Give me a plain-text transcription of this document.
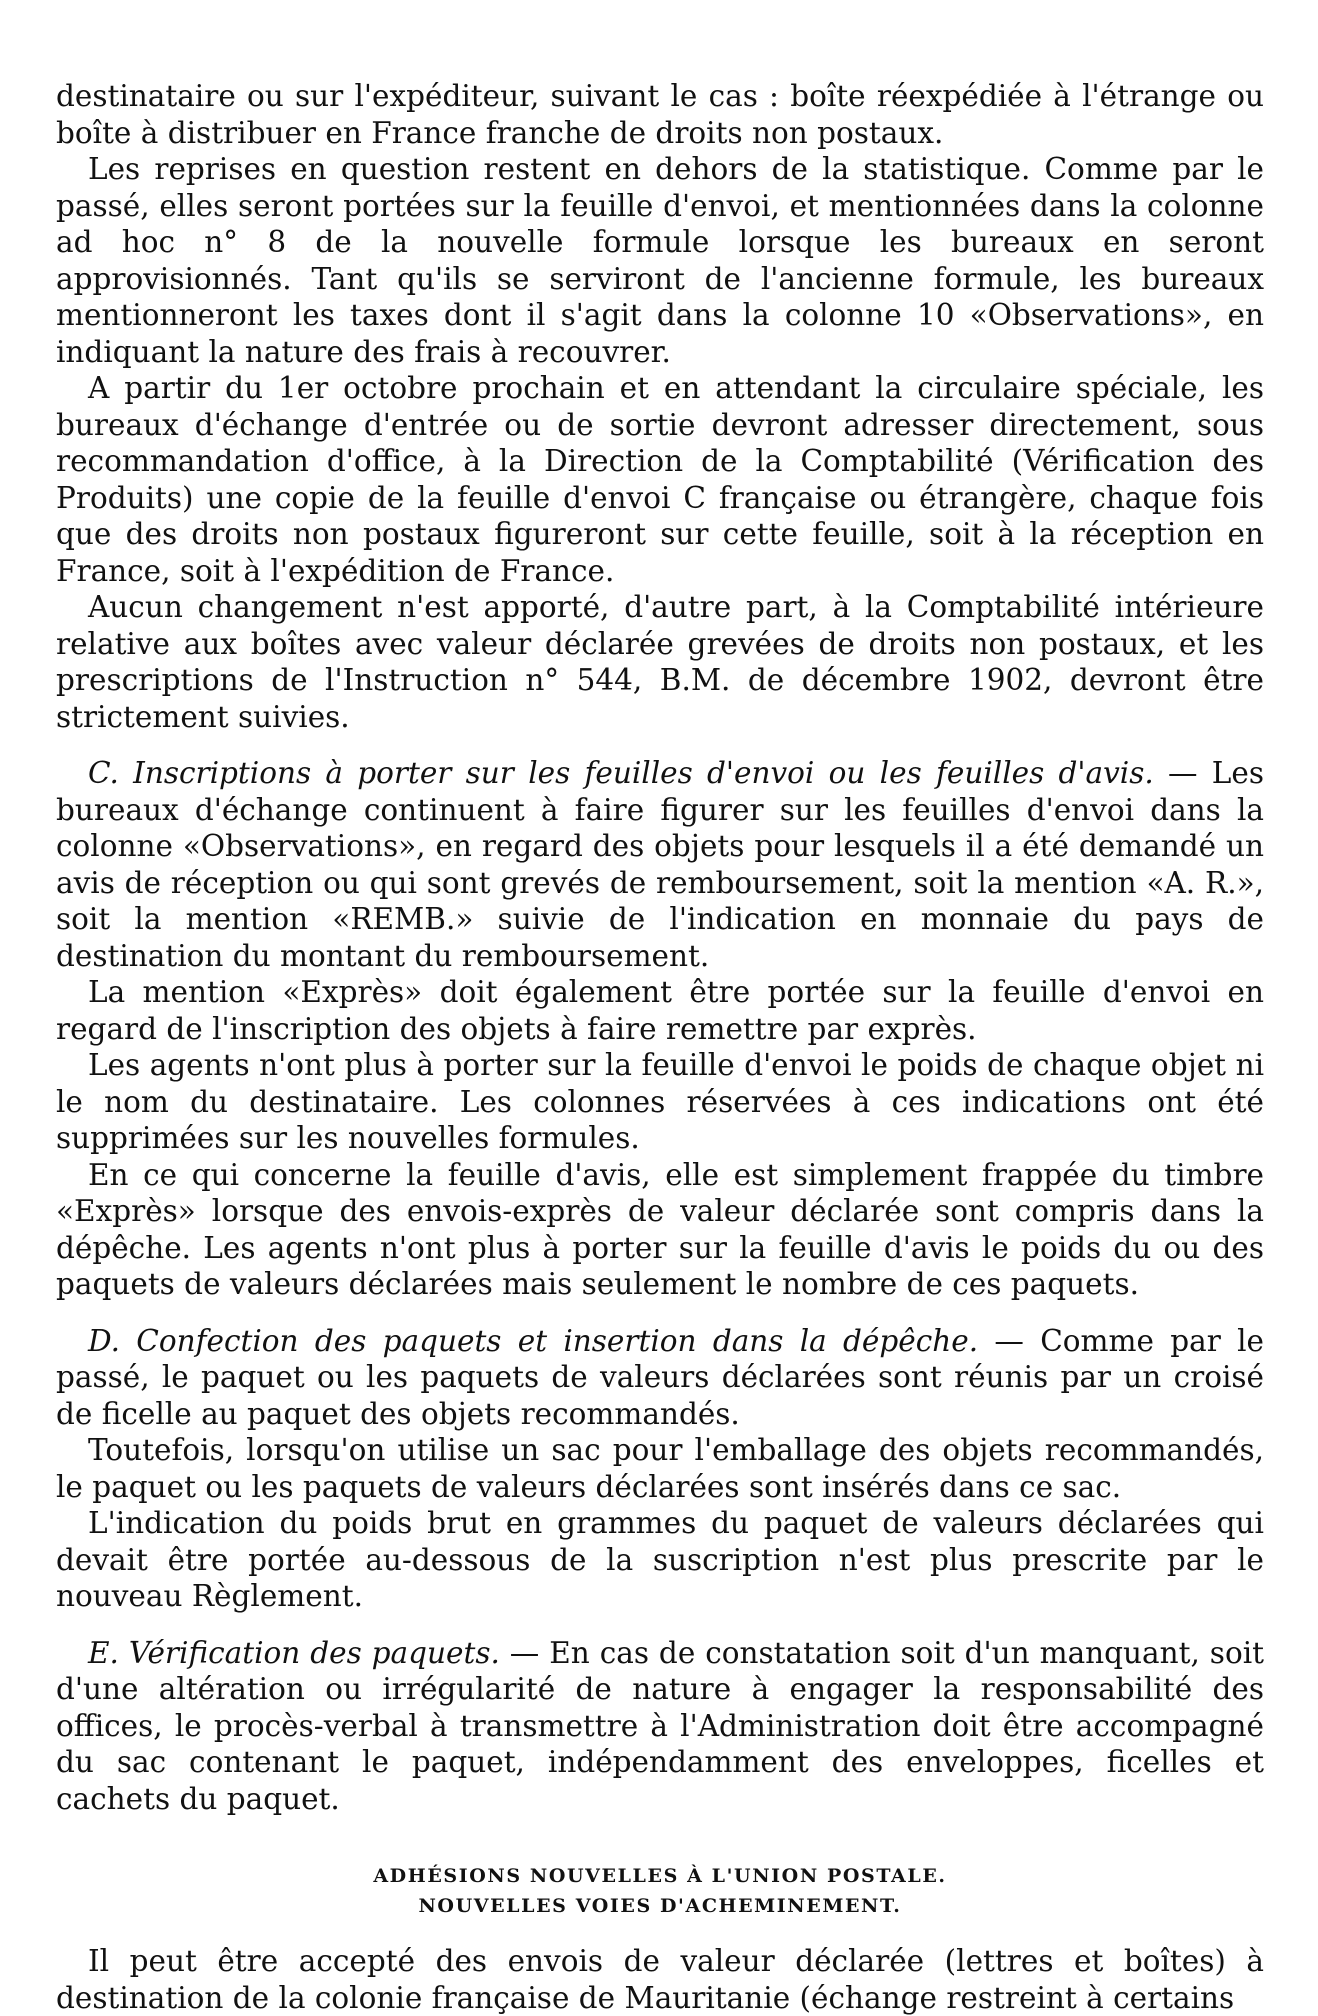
destinataire ou sur l'expéditeur, suivant le cas : boîte réexpédiée à l'étrange ou boîte à distribuer en France franche de droits non postaux.

Les reprises en question restent en dehors de la statistique. Comme par le passé, elles seront portées sur la feuille d'envoi, et mentionnées dans la colonne ad hoc n° 8 de la nouvelle formule lorsque les bureaux en seront approvisionnés. Tant qu'ils se serviront de l'ancienne formule, les bureaux mentionneront les taxes dont il s'agit dans la colonne 10 «Observations», en indiquant la nature des frais à recouvrer.

A partir du 1er octobre prochain et en attendant la circulaire spéciale, les bureaux d'échange d'entrée ou de sortie devront adresser directement, sous recommandation d'office, à la Direction de la Comptabilité (Vérification des Produits) une copie de la feuille d'envoi C française ou étrangère, chaque fois que des droits non postaux figureront sur cette feuille, soit à la réception en France, soit à l'expédition de France.

Aucun changement n'est apporté, d'autre part, à la Comptabilité intérieure relative aux boîtes avec valeur déclarée grevées de droits non postaux, et les prescriptions de l'Instruction n° 544, B.M. de décembre 1902, devront être strictement suivies.

C. Inscriptions à porter sur les feuilles d'envoi ou les feuilles d'avis. — Les bureaux d'échange continuent à faire figurer sur les feuilles d'envoi dans la colonne «Observations», en regard des objets pour lesquels il a été demandé un avis de réception ou qui sont grevés de remboursement, soit la mention «A. R.», soit la mention «REMB.» suivie de l'indication en monnaie du pays de destination du montant du remboursement.

La mention «Exprès» doit également être portée sur la feuille d'envoi en regard de l'inscription des objets à faire remettre par exprès.

Les agents n'ont plus à porter sur la feuille d'envoi le poids de chaque objet ni le nom du destinataire. Les colonnes réservées à ces indications ont été supprimées sur les nouvelles formules.

En ce qui concerne la feuille d'avis, elle est simplement frappée du timbre «Exprès» lorsque des envois-exprès de valeur déclarée sont compris dans la dépêche. Les agents n'ont plus à porter sur la feuille d'avis le poids du ou des paquets de valeurs déclarées mais seulement le nombre de ces paquets.

D. Confection des paquets et insertion dans la dépêche. — Comme par le passé, le paquet ou les paquets de valeurs déclarées sont réunis par un croisé de ficelle au paquet des objets recommandés.

Toutefois, lorsqu'on utilise un sac pour l'emballage des objets recommandés, le paquet ou les paquets de valeurs déclarées sont insérés dans ce sac.

L'indication du poids brut en grammes du paquet de valeurs déclarées qui devait être portée au-dessous de la suscription n'est plus prescrite par le nouveau Règlement.

E. Vérification des paquets. — En cas de constatation soit d'un manquant, soit d'une altération ou irrégularité de nature à engager la responsabilité des offices, le procès-verbal à transmettre à l'Administration doit être accompagné du sac contenant le paquet, indépendamment des enveloppes, ficelles et cachets du paquet.

ADHÉSIONS NOUVELLES À L'UNION POSTALE.

NOUVELLES VOIES D'ACHEMINEMENT.

Il peut être accepté des envois de valeur déclarée (lettres et boîtes) à destination de la colonie française de Mauritanie (échange restreint à certains
